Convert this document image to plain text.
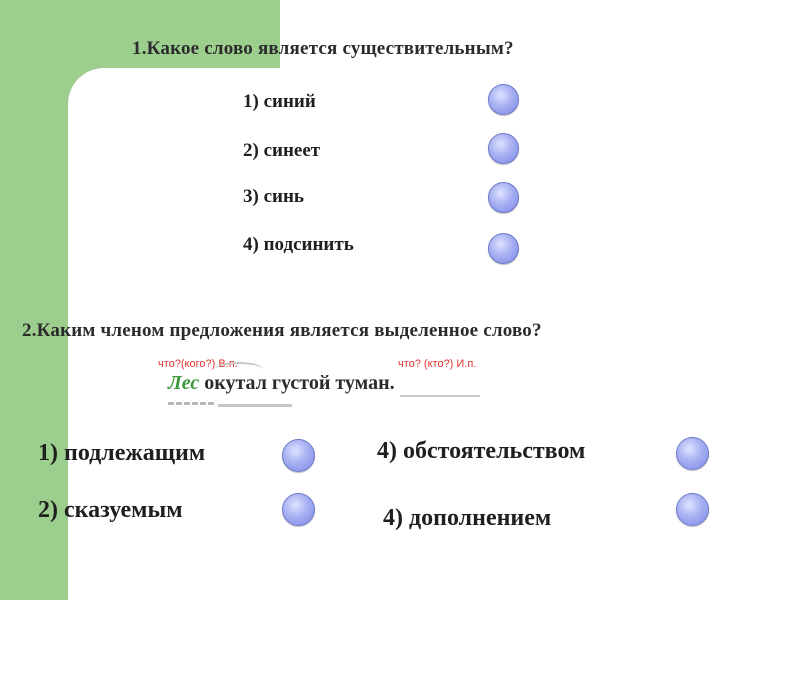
1.Какое слово является существительным?
1) синий
2) синеет
3) синь
4) подсинить
2.Каким членом предложения является выделенное слово?
что?(кого?) В.п.	что? (кто?) И.п.
Лес окутал густой туман.
1) подлежащим
2) сказуемым
4) обстоятельством
4) дополнением
